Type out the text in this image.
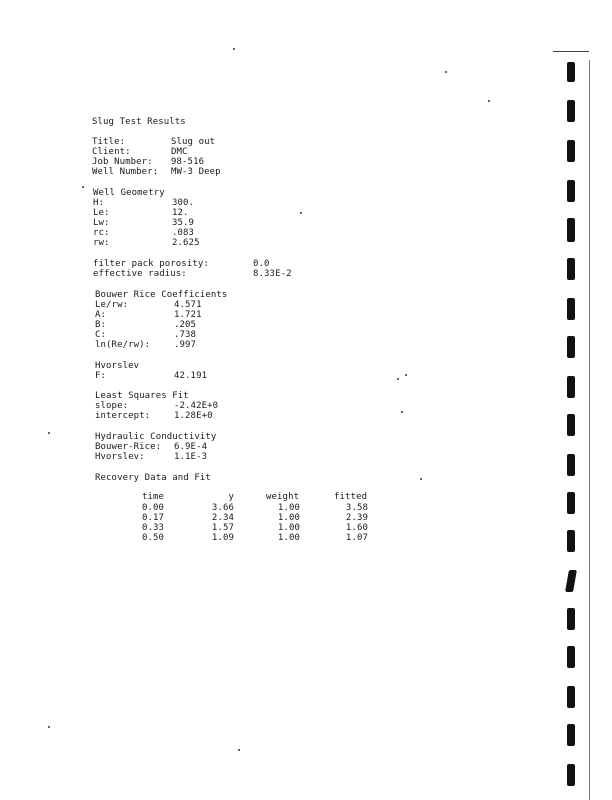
Slug Test Results
Title:	Slug out
Client:	DMC
Job Number: 98-516
Well Number: MW-3 Deep
Well Geometry
H:	300.
Le:	12.
Lw:	35.9
rc:	.083
rw:	2.625
filter pack porosity:	0.0
effective radius:	8.33E-2
Bouwer Rice Coefficients
Le/rw:	4.571
A:	1.721
B:	.205
C:	.738
ln(Re/rw):	.997
Hvorslev
F:	42.191
Least Squares Fit
slope:	-2.42E+0
intercept:	1.28E+0
Hydraulic Conductivity
Bouwer-Rice: 6.9E-4
Hvorslev:	1.1E-3
Recovery Data and Fit
time	y	weight	fitted
0.00	3.66	1.00	3.58
0.17	2.34	1.00	2.39
0.33	1.57	1.00	1.60
0.50	1.09	1.00	1.07
